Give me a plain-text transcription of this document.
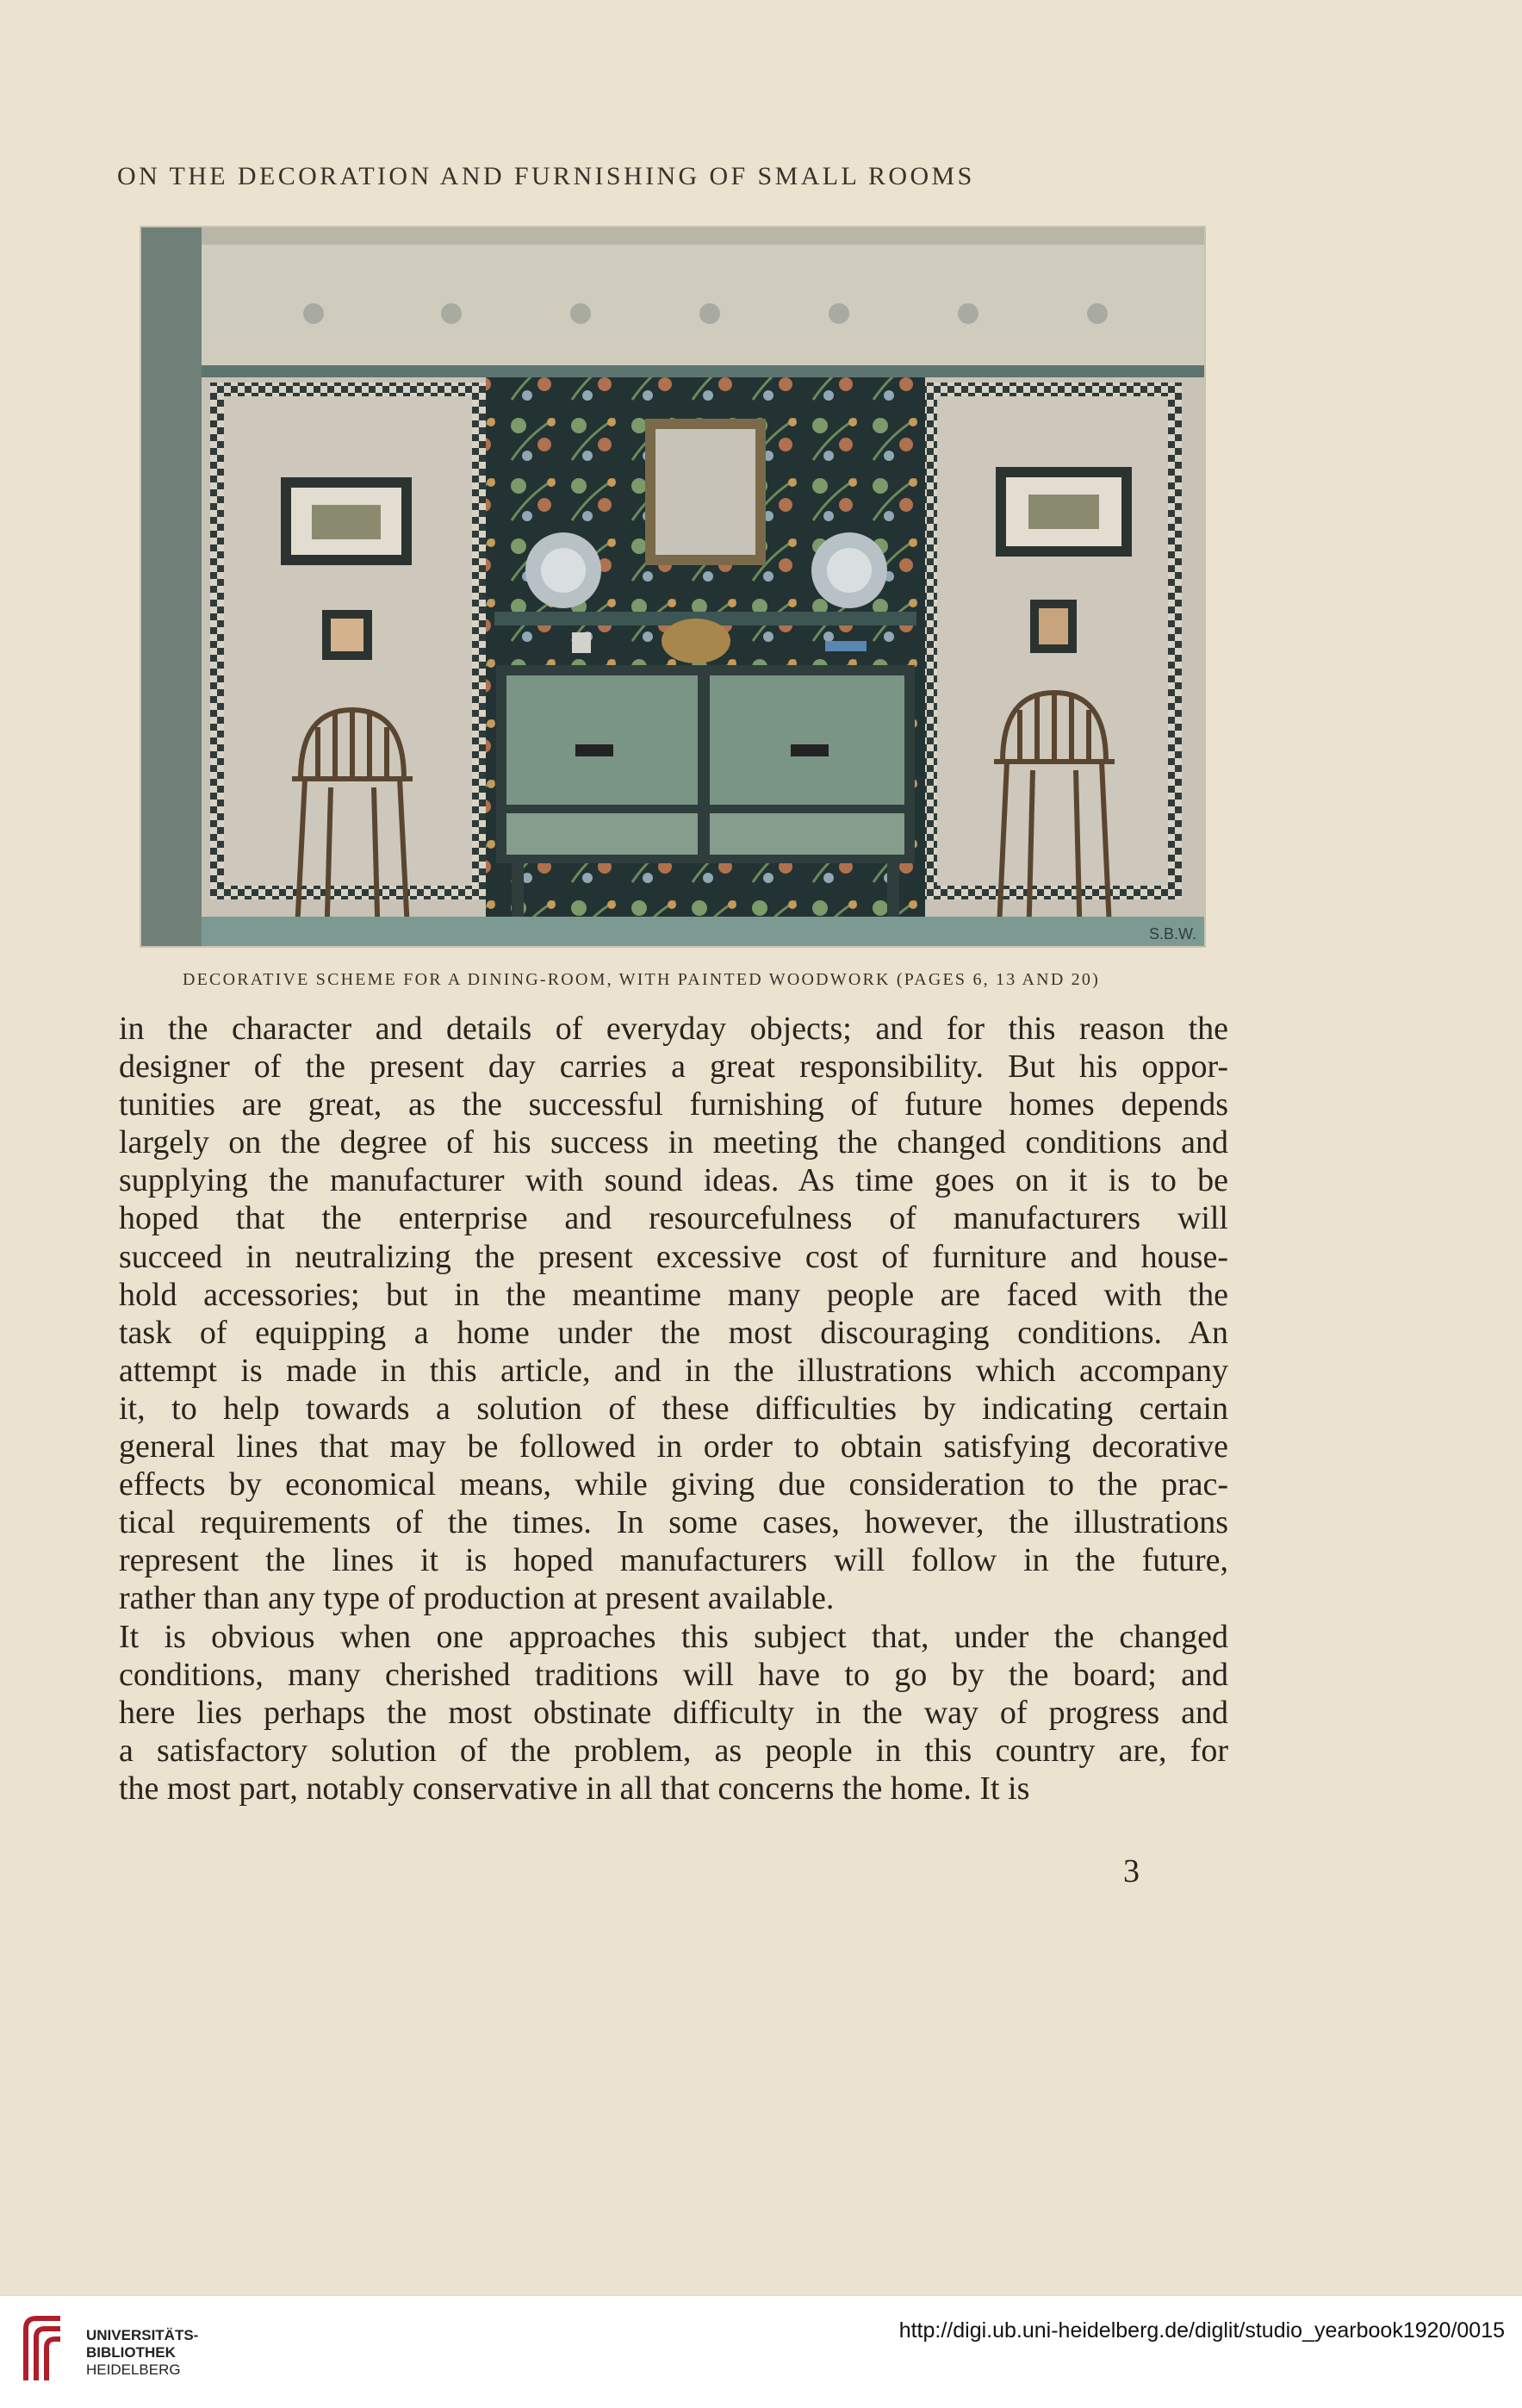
ON THE DECORATION AND FURNISHING OF SMALL ROOMS
S.B.W.
DECORATIVE SCHEME FOR A DINING-ROOM, WITH PAINTED WOODWORK (PAGES 6, 13 AND 20)
in the character and details of everyday objects; and for this reason the
designer of the present day carries a great responsibility. But his oppor-
tunities are great, as the successful furnishing of future homes depends
largely on the degree of his success in meeting the changed conditions and
supplying the manufacturer with sound ideas. As time goes on it is to be
hoped that the enterprise and resourcefulness of manufacturers will
succeed in neutralizing the present excessive cost of furniture and house-
hold accessories; but in the meantime many people are faced with the
task of equipping a home under the most discouraging conditions. An
attempt is made in this article, and in the illustrations which accompany
it, to help towards a solution of these difficulties by indicating certain
general lines that may be followed in order to obtain satisfying decorative
effects by economical means, while giving due consideration to the prac-
tical requirements of the times. In some cases, however, the illustrations
represent the lines it is hoped manufacturers will follow in the future,
rather than any type of production at present available.
It is obvious when one approaches this subject that, under the changed
conditions, many cherished traditions will have to go by the board; and
here lies perhaps the most obstinate difficulty in the way of progress and
a satisfactory solution of the problem, as people in this country are, for
the most part, notably conservative in all that concerns the home. It is
3
UNIVERSITÄTS-
BIBLIOTHEK
HEIDELBERG
http://digi.ub.uni-heidelberg.de/diglit/studio_yearbook1920/0015
